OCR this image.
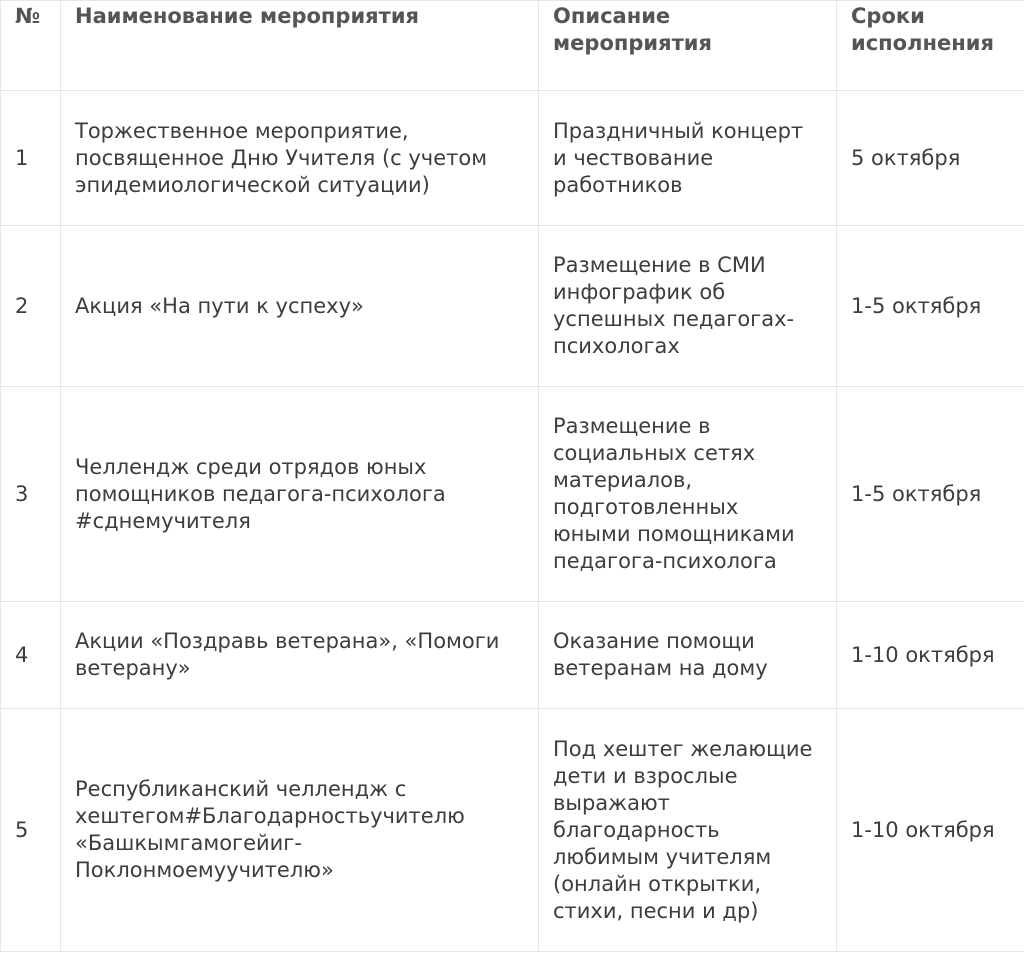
№	Наименование мероприятия	Описание мероприятия	Сроки исполнения
1	Торжественное мероприятие, посвященное Дню Учителя (с учетом эпидемиологической ситуации)	Праздничный концерт и чествование работников	5 октября
2	Акция «На пути к успеху»	Размещение в СМИ инфографик об успешных педагогах-психологах	1-5 октября
3	Челлендж среди отрядов юных помощников педагога-психолога #сднемучителя	Размещение в социальных сетях материалов, подготовленных юными помощниками педагога-психолога	1-5 октября
4	Акции «Поздравь ветерана», «Помоги ветерану»	Оказание помощи ветеранам на дому	1-10 октября
5	Республиканский челлендж с хештегом#Благодарностьучителю «Башкымгамогейиг-Поклонмоемуучителю»	Под хештег желающие дети и взрослые выражают благодарность любимым учителям (онлайн открытки, стихи, песни и др)	1-10 октября
